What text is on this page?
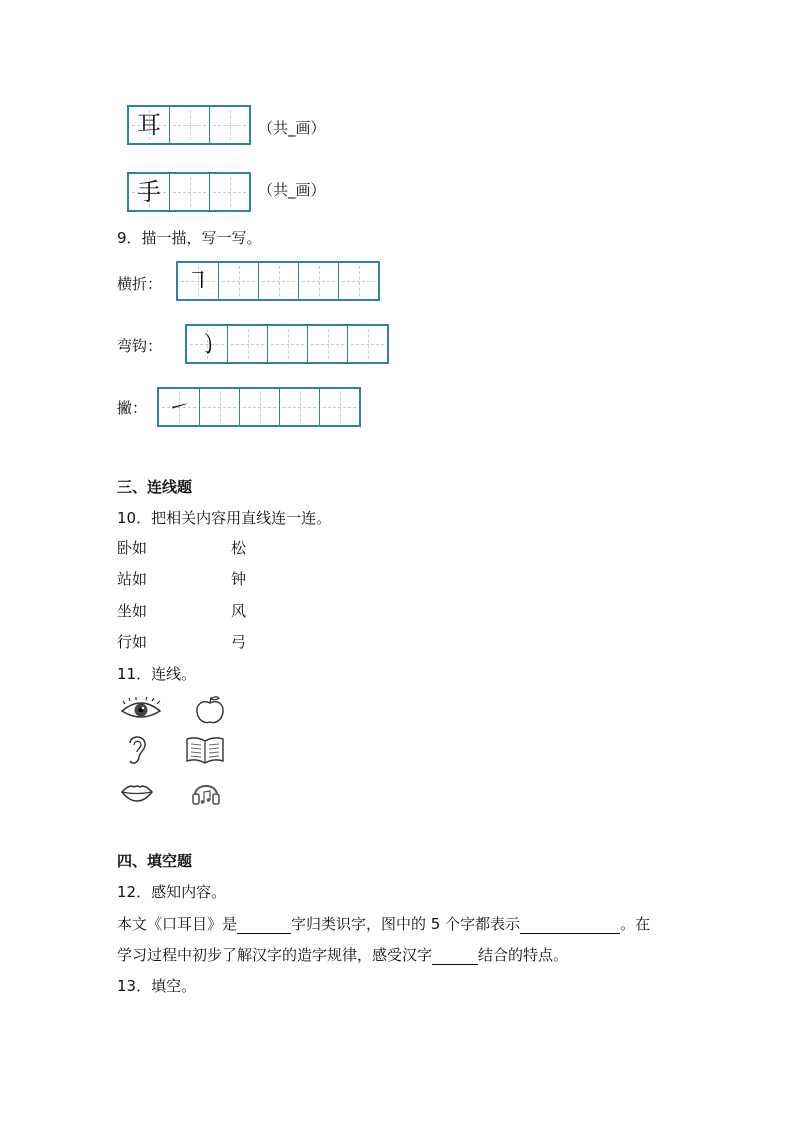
耳	（共_画）
手	（共_画）
9．描一描，写一写。
横折： ㇕
弯钩： ㇁
撇： ㇀
三、连线题
10．把相关内容用直线连一连。
卧如	松
站如	钟
坐如	风
行如	弓
11．连线。
四、填空题
12．感知内容。
本文《口耳目》是	字归类识字，图中的 5 个字都表示	。在
学习过程中初步了解汉字的造字规律，感受汉字	结合的特点。
13．填空。
